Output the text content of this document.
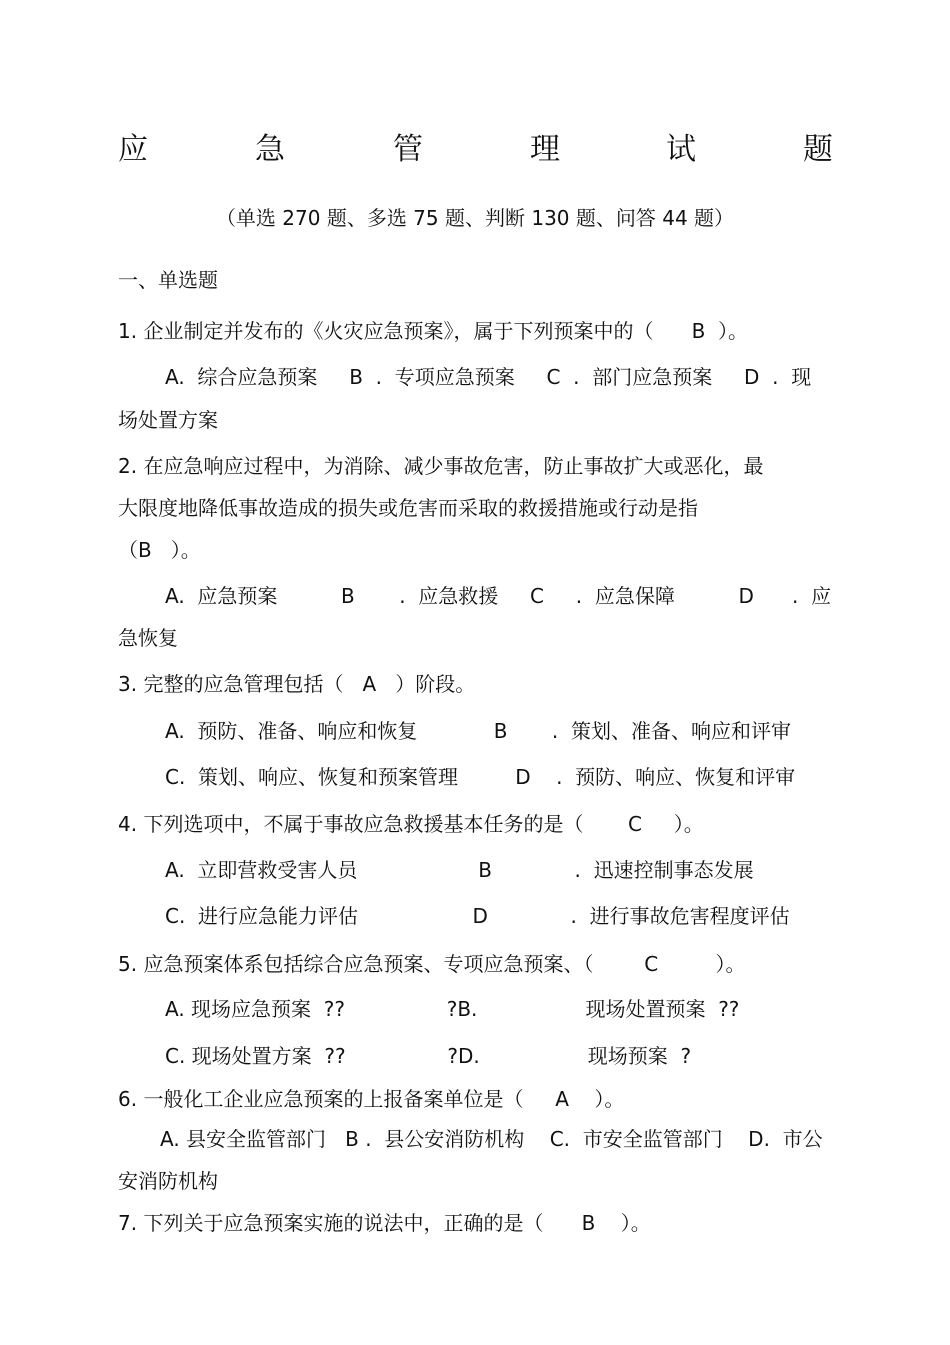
应	急	管	理	试	题
（单选 270 题、多选 75 题、判断 130 题、问答 44 题）
一、单选题
1. 企业制定并发布的《火灾应急预案》，属于下列预案中的（      B  ）。
A.  综合应急预案     B  .  专项应急预案     C  .  部门应急预案     D  .  现
场处置方案
2. 在应急响应过程中，为消除、减少事故危害，防止事故扩大或恶化，最
大限度地降低事故造成的损失或危害而采取的救援措施或行动是指
（B   ）。
A.  应急预案          B       .  应急救援     C     .  应急保障          D      .  应
急恢复
3. 完整的应急管理包括（   A   ）阶段。
A.  预防、准备、响应和恢复            B       .  策划、准备、响应和评审
C.  策划、响应、恢复和预案管理         D    .  预防、响应、恢复和评审
4. 下列选项中，不属于事故应急救援基本任务的是（       C     ）。
A.  立即营救受害人员                   B             .  迅速控制事态发展
C.  进行应急能力评估                  D             .  进行事故危害程度评估
5. 应急预案体系包括综合应急预案、专项应急预案、（        C         ）。
A. 现场应急预案  ??                ?B.                 现场处置预案  ??
C. 现场处置方案  ??                ?D.                 现场预案  ?
6. 一般化工企业应急预案的上报备案单位是（     A    ）。
A. 县安全监管部门   B .  县公安消防机构    C.  市安全监管部门    D.  市公
安消防机构
7. 下列关于应急预案实施的说法中，正确的是（      B    ）。
